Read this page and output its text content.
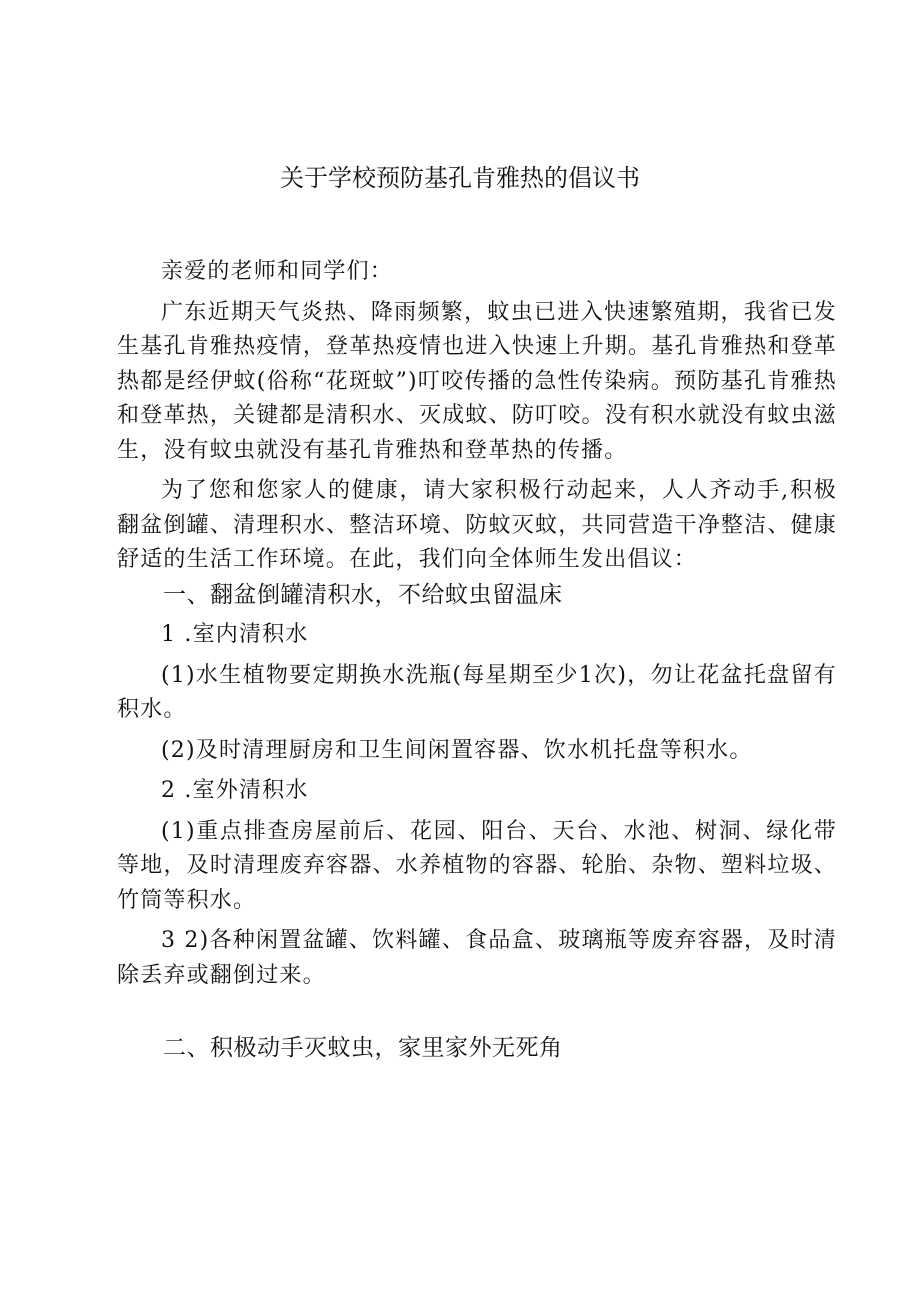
关于学校预防基孔肯雅热的倡议书

亲爱的老师和同学们：

广东近期天气炎热、降雨频繁，蚊虫已进入快速繁殖期，我省已发生基孔肯雅热疫情，登革热疫情也进入快速上升期。基孔肯雅热和登革热都是经伊蚊(俗称“花斑蚊”)叮咬传播的急性传染病。预防基孔肯雅热和登革热，关键都是清积水、灭成蚊、防叮咬。没有积水就没有蚊虫滋生，没有蚊虫就没有基孔肯雅热和登革热的传播。

为了您和您家人的健康，请大家积极行动起来，人人齐动手,积极翻盆倒罐、清理积水、整洁环境、防蚊灭蚊，共同营造干净整洁、健康舒适的生活工作环境。在此，我们向全体师生发出倡议：

一、翻盆倒罐清积水，不给蚊虫留温床

1 .室内清积水

(1)水生植物要定期换水洗瓶(每星期至少1次)，勿让花盆托盘留有积水。

(2)及时清理厨房和卫生间闲置容器、饮水机托盘等积水。

2 .室外清积水

(1)重点排查房屋前后、花园、阳台、天台、水池、树洞、绿化带等地，及时清理废弃容器、水养植物的容器、轮胎、杂物、塑料垃圾、竹筒等积水。

3 2)各种闲置盆罐、饮料罐、食品盒、玻璃瓶等废弃容器，及时清除丢弃或翻倒过来。

二、积极动手灭蚊虫，家里家外无死角
